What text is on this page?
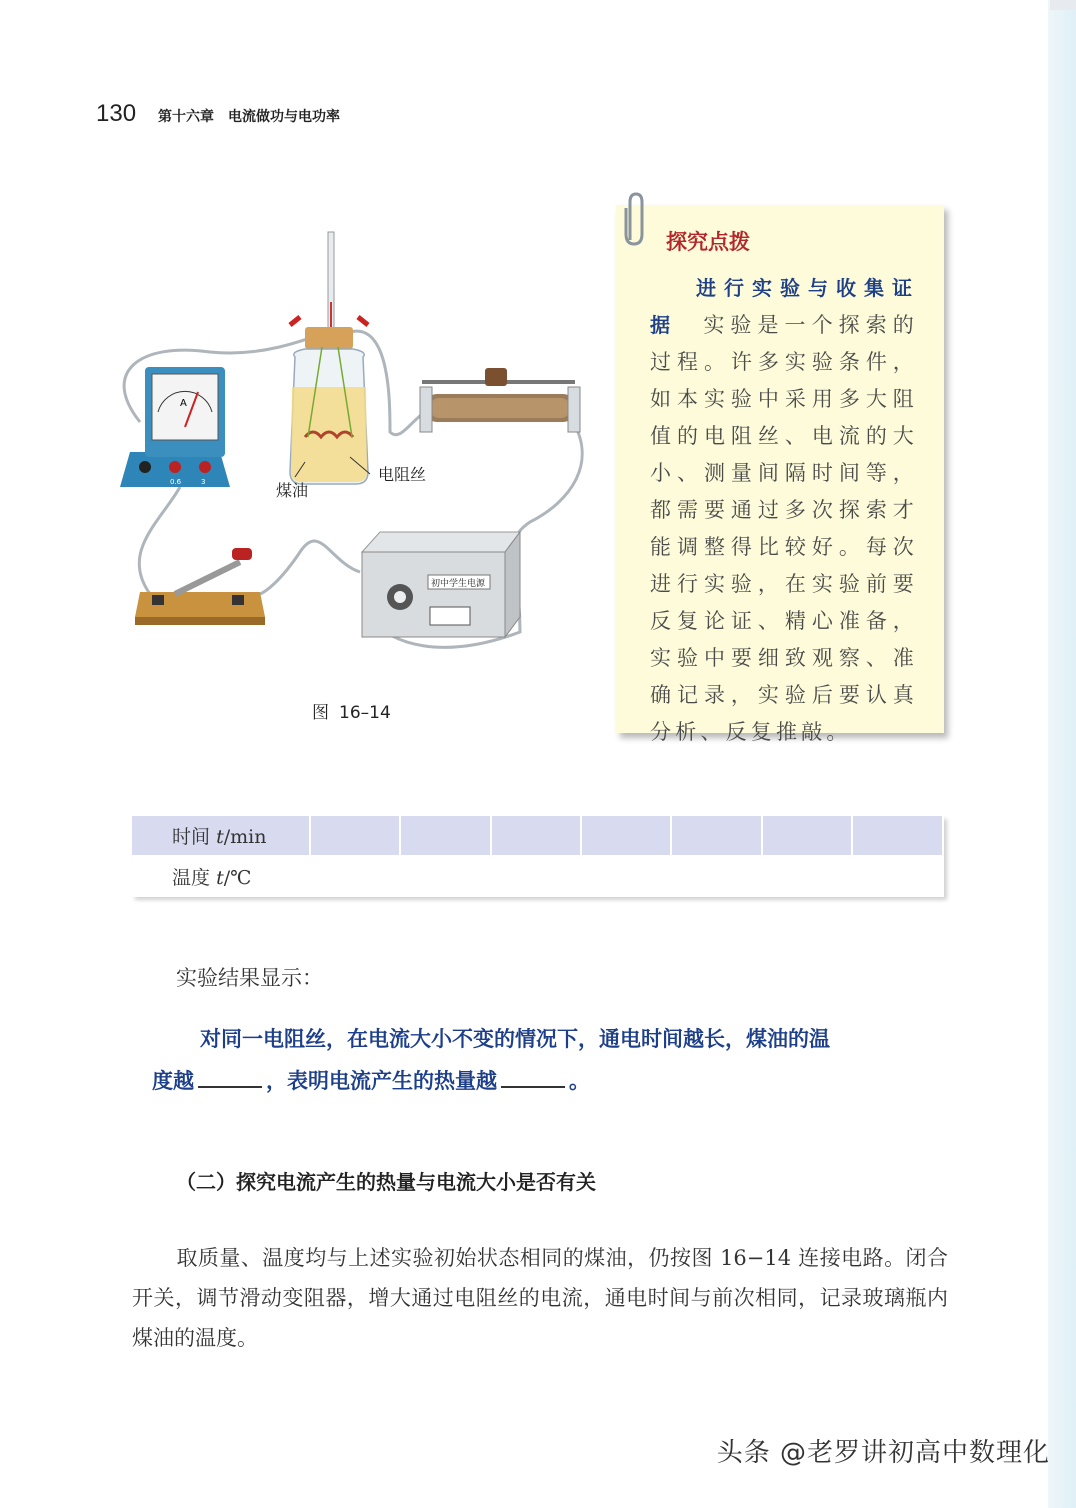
130 第十六章　电流做功与电功率
A
0.6	3	煤油
电阻丝
初中学生电源
图 16–14
探究点拨
进行实验与收集证据 实验是一个探索的过程。许多实验条件，如本实验中采用多大阻值的电阻丝、电流的大小、测量间隔时间等，都需要通过多次探索才能调整得比较好。每次进行实验，在实验前要反复论证、精心准备，实验中要细致观察、准确记录，实验后要认真分析、反复推敲。
时间 t/min							
温度 t/℃							
实验结果显示：
对同一电阻丝，在电流大小不变的情况下，通电时间越长，煤油的温
度越	，表明电流产生的热量越	。
（二）探究电流产生的热量与电流大小是否有关
取质量、温度均与上述实验初始状态相同的煤油，仍按图 16−14 连接电路。闭合开关，调节滑动变阻器，增大通过电阻丝的电流，通电时间与前次相同，记录玻璃瓶内煤油的温度。
头条 @老罗讲初高中数理化
